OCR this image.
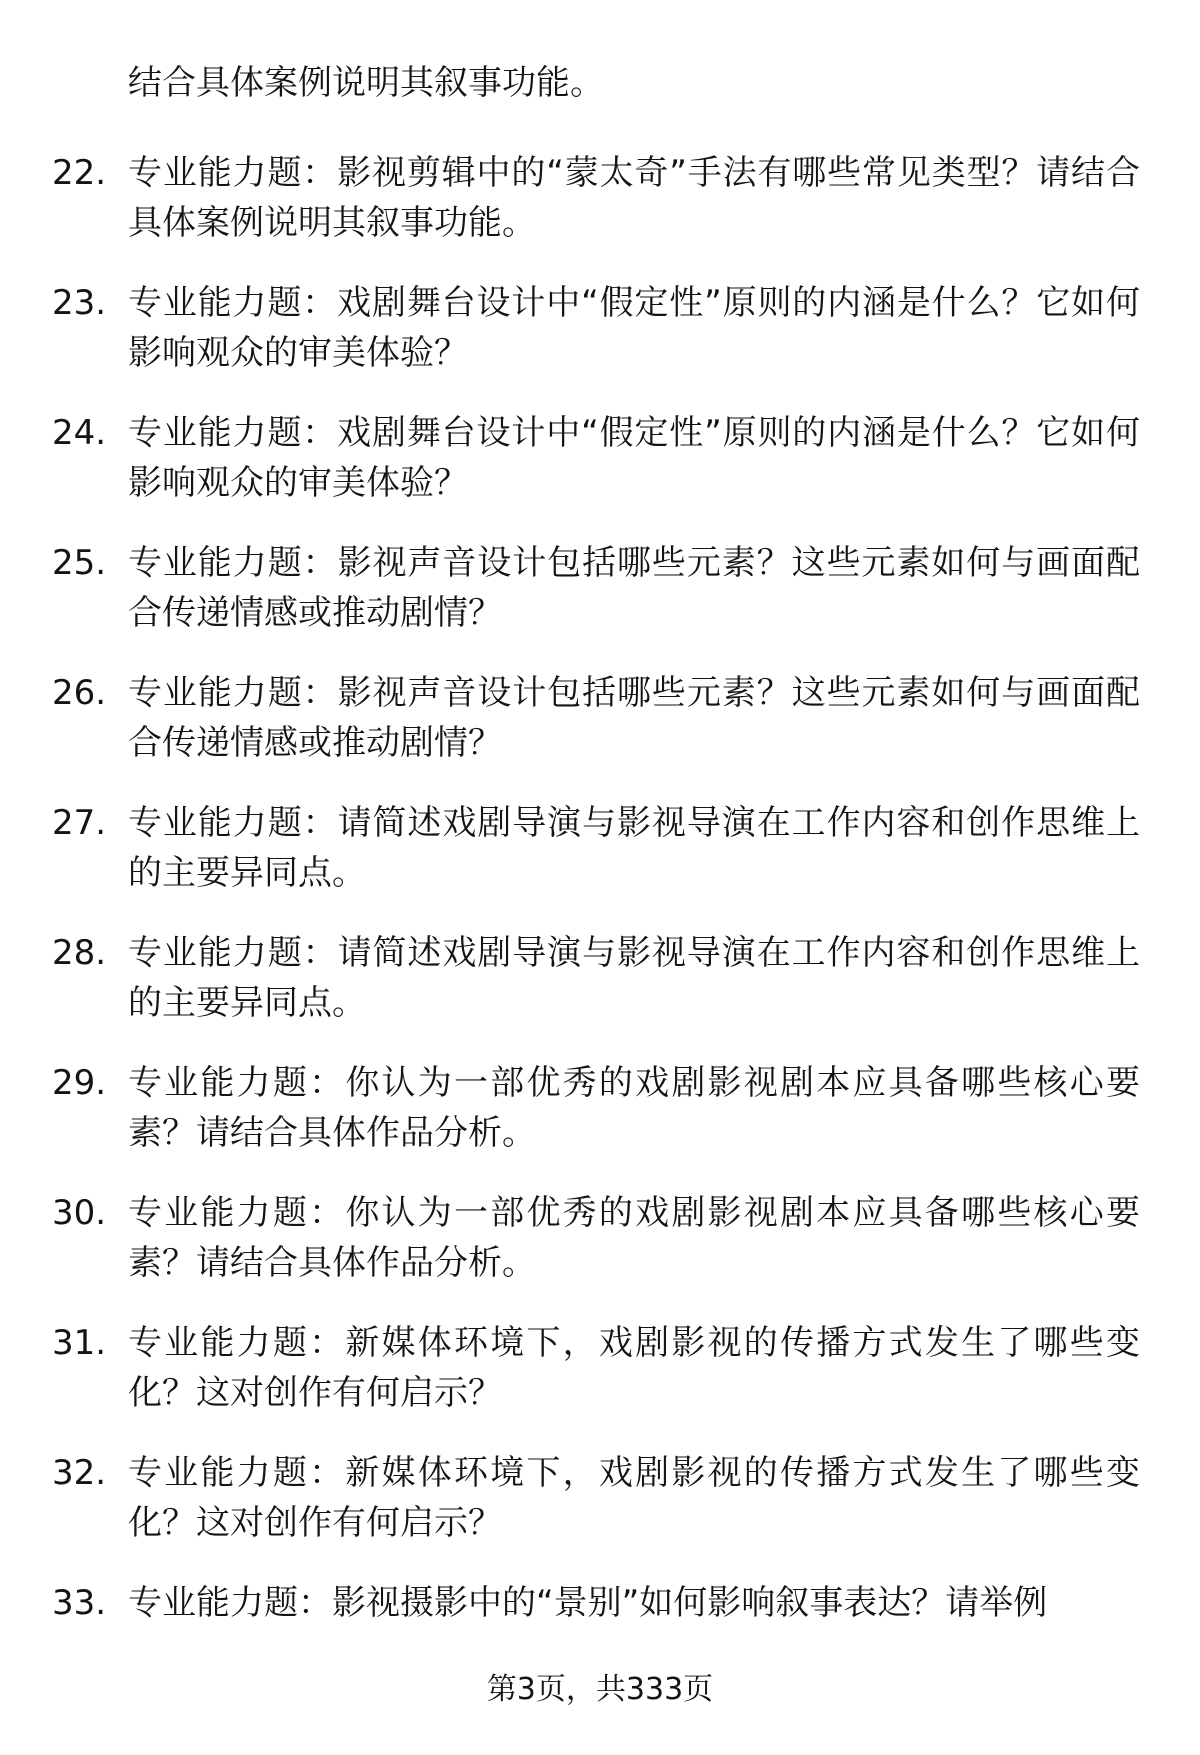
结合具体案例说明其叙事功能。
22. 专业能力题：影视剪辑中的“蒙太奇”手法有哪些常见类型？请结合具体案例说明其叙事功能。
23. 专业能力题：戏剧舞台设计中“假定性”原则的内涵是什么？它如何影响观众的审美体验？
24. 专业能力题：戏剧舞台设计中“假定性”原则的内涵是什么？它如何影响观众的审美体验？
25. 专业能力题：影视声音设计包括哪些元素？这些元素如何与画面配合传递情感或推动剧情？
26. 专业能力题：影视声音设计包括哪些元素？这些元素如何与画面配合传递情感或推动剧情？
27. 专业能力题：请简述戏剧导演与影视导演在工作内容和创作思维上的主要异同点。
28. 专业能力题：请简述戏剧导演与影视导演在工作内容和创作思维上的主要异同点。
29. 专业能力题：你认为一部优秀的戏剧影视剧本应具备哪些核心要素？请结合具体作品分析。
30. 专业能力题：你认为一部优秀的戏剧影视剧本应具备哪些核心要素？请结合具体作品分析。
31. 专业能力题：新媒体环境下，戏剧影视的传播方式发生了哪些变化？这对创作有何启示？
32. 专业能力题：新媒体环境下，戏剧影视的传播方式发生了哪些变化？这对创作有何启示？
33. 专业能力题：影视摄影中的“景别”如何影响叙事表达？请举例
第3页，共333页
